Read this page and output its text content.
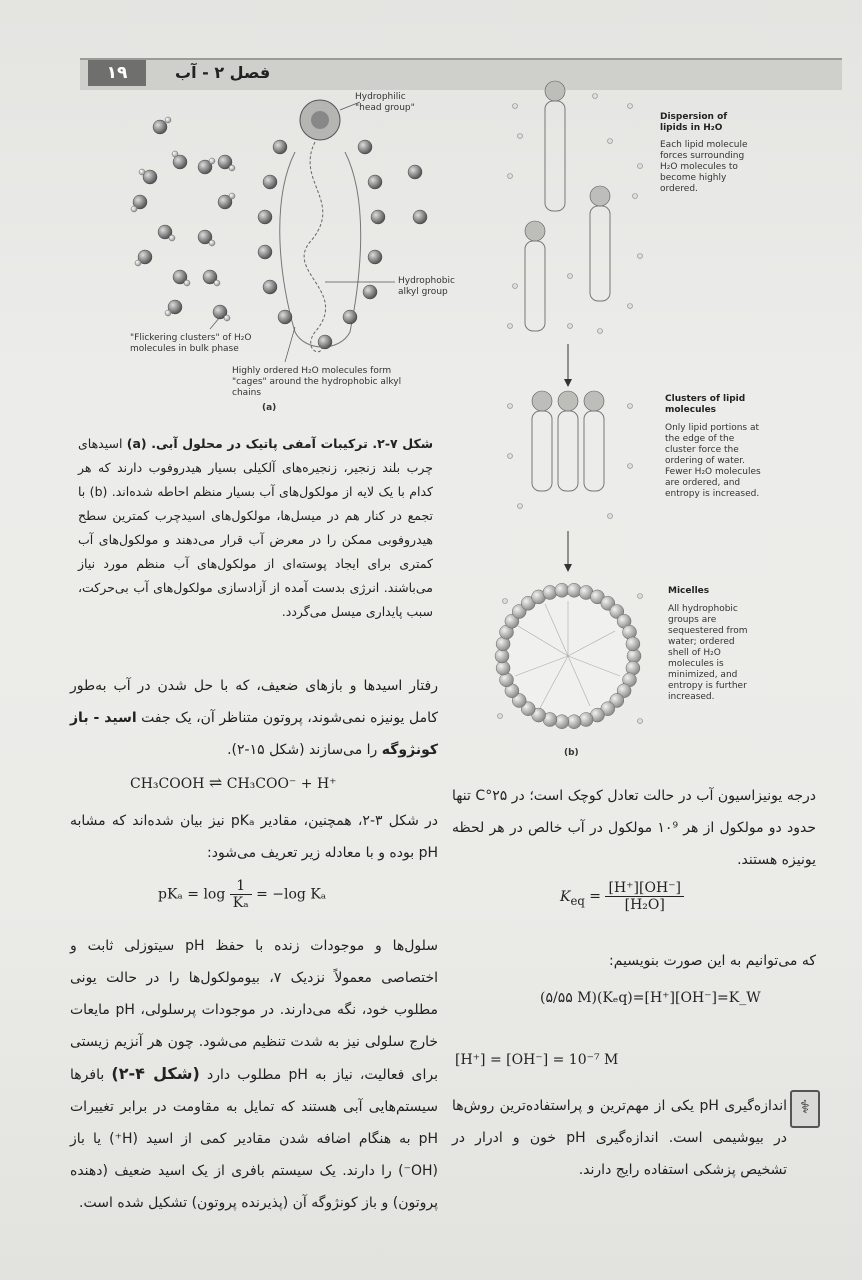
۱۹	فصل ۲ - آب
Hydrophilic "head group"
Hydrophobic alkyl group
"Flickering clusters" of H₂O molecules in bulk phase
Highly ordered H₂O molecules form "cages" around the hydrophobic alkyl chains
(a)
Dispersion of lipids in H₂O
Each lipid molecule forces surrounding H₂O molecules to become highly ordered.
Clusters of lipid molecules
Only lipid portions at the edge of the cluster force the ordering of water. Fewer H₂O molecules are ordered, and entropy is increased.
Micelles
All hydrophobic groups are sequestered from water; ordered shell of H₂O molecules is minimized, and entropy is further increased.
(b)
شکل ۷-۲. ترکیبات آمفی پاتیک در محلول آبی. (a) اسیدهای چرب بلند زنجیر، زنجیره‌های آلکیلی بسیار هیدروفوب دارند که هر کدام با یک لایه از مولکول‌های آب بسیار منظم احاطه شده‌اند. (b) با تجمع در کنار هم در میسل‌ها، مولکول‌های اسیدچرب کمترین سطح هیدروفوبی ممکن را در معرض آب قرار می‌دهند و مولکول‌های آب کمتری برای ایجاد پوسته‌ای از مولکول‌های آب منظم مورد نیاز می‌باشند. انرژی بدست آمده از آزادسازی مولکول‌های آب بی‌حرکت، سبب پایداری میسل می‌گردد.
رفتار اسیدها و بازهای ضعیف، که با حل شدن در آب به‌طور کامل یونیزه نمی‌شوند، پروتون متناظر آن، یک جفت اسید - باز کونژوگه را می‌سازند (شکل ۱۵-۲).
CH₃COOH ⇌ CH₃COO⁻ + H⁺
در شکل ۳-۲، همچنین، مقادیر pKₐ نیز بیان شده‌اند که مشابه pH بوده و با معادله زیر تعریف می‌شود:
$pK_a = \log \frac{1}{\text{Kₐ}} = -\log$ Kₐ
سلول‌ها و موجودات زنده با حفظ pH سیتوزلی ثابت و اختصاصی معمولاً نزدیک ۷، بیومولکول‌ها را در حالت یونی مطلوب خود، نگه می‌دارند. در موجودات پرسلولی، pH مایعات خارج سلولی نیز به شدت تنظیم می‌شود. چون هر آنزیم زیستی برای فعالیت، نیاز به pH مطلوب دارد (شکل ۴-۲) بافرها سیستم‌هایی آبی هستند که تمایل به مقاومت در برابر تغییرات pH به هنگام اضافه شدن مقادیر کمی از اسید (H⁺) یا باز (OH⁻) را دارند. یک سیستم بافری از یک اسید ضعیف (دهنده پروتون) و باز کونژوگه آن (پذیرنده پروتون) تشکیل شده است.
درجه یونیزاسیون آب در حالت تعادل کوچک است؛ در ۲۵°C تنها حدود دو مولکول از هر ۱۰⁹ مولکول در آب خالص در هر لحظه یونیزه هستند.
$K_{eq} = \frac{[H^+][OH^-]}{\text{[H₂O]}}$
که می‌توانیم به این صورت بنویسیم:
(۵/۵۵ M)(Kₑq)=[H⁺][OH⁻]=K_W
[H⁺] = [OH⁻] = 10⁻⁷ M
⚕
اندازه‌گیری pH یکی از مهم‌ترین و پراستفاده‌ترین روش‌ها در بیوشیمی است. اندازه‌گیری pH خون و ادرار در تشخیص پزشکی استفاده رایج دارند.
